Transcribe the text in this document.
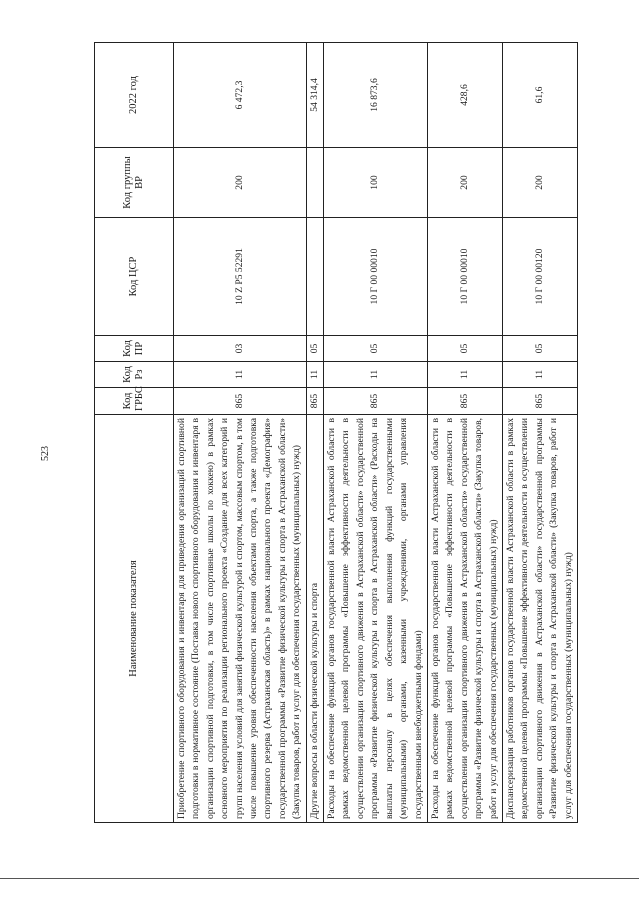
523
Наименование показателя	Код ГРБС	Код Рз	Код ПР	Код ЦСР	Код группы ВР	2022 год
Приобретение спортивного оборудования и инвентаря для приведения организаций спортивной подготовки в нормативное состояние (Поставка нового спортивного оборудования и инвентаря в организации спортивной подготовки, в том числе спортивные школы по хоккею) в рамках основного мероприятия по реализации регионального проекта «Создание для всех категорий и групп населения условий для занятий физической культурой и спортом, массовым спортом, в том числе повышение уровня обеспеченности населения объектами спорта, а также подготовка спортивного резерва (Астраханская область)» в рамках национального проекта «Демография» государственной программы «Развитие физической культуры и спорта в Астраханской области» (Закупка товаров, работ и услуг для обеспечения государственных (муниципальных) нужд)	865	11	03	10 Z P5 52291	200	6 472,3
Другие вопросы в области физической культуры и спорта	865	11	05			54 314,4
Расходы на обеспечение функций органов государственной власти Астраханской области в рамках ведомственной целевой программы «Повышение эффективности деятельности в осуществлении организации спортивного движения в Астраханской области» государственной программы «Развитие физической культуры и спорта в Астраханской области» (Расходы на выплаты персоналу в целях обеспечения выполнения функций государственными (муниципальными) органами, казенными учреждениями, органами управления государственными внебюджетными фондами)	865	11	05	10 Г 00 00010	100	16 873,6
Расходы на обеспечение функций органов государственной власти Астраханской области в рамках ведомственной целевой программы «Повышение эффективности деятельности в осуществлении организации спортивного движения в Астраханской области» государственной программы «Развитие физической культуры и спорта в Астраханской области» (Закупка товаров, работ и услуг для обеспечения государственных (муниципальных) нужд)	865	11	05	10 Г 00 00010	200	428,6
Диспансеризация работников органов государственной власти Астраханской области в рамках ведомственной целевой программы «Повышение эффективности деятельности в осуществлении организации спортивного движения в Астраханской области» государственной программы «Развитие физической культуры и спорта в Астраханской области» (Закупка товаров, работ и услуг для обеспечения государственных (муниципальных) нужд)	865	11	05	10 Г 00 00120	200	61,6
